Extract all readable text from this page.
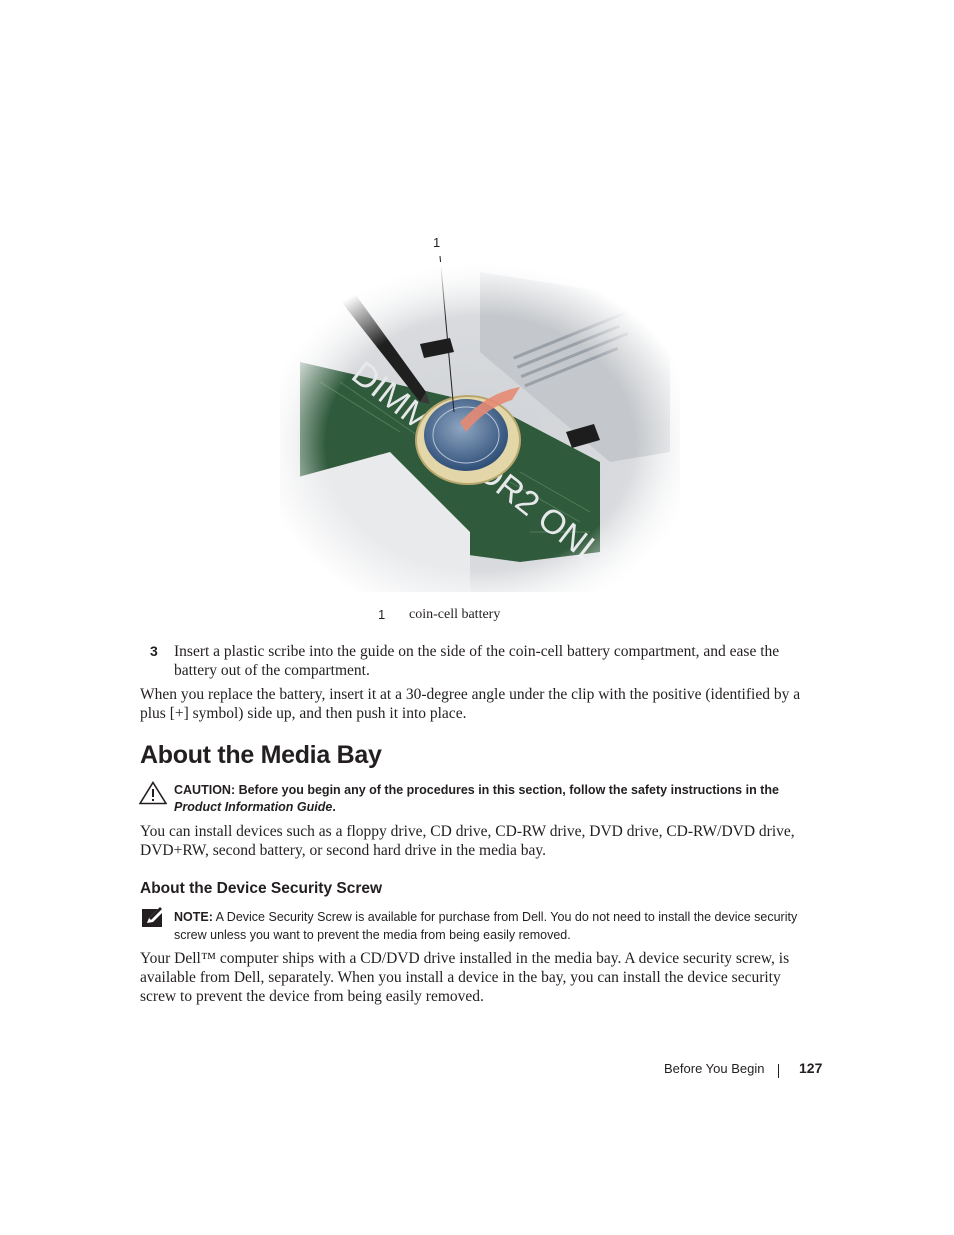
1
1 coin-cell battery
3 Insert a plastic scribe into the guide on the side of the coin-cell battery compartment, and ease the battery out of the compartment.
When you replace the battery, insert it at a 30-degree angle under the clip with the positive (identified by a plus [+] symbol) side up, and then push it into place.
About the Media Bay
CAUTION: Before you begin any of the procedures in this section, follow the safety instructions in the Product Information Guide.
You can install devices such as a floppy drive, CD drive, CD-RW drive, DVD drive, CD-RW/DVD drive, DVD+RW, second battery, or second hard drive in the media bay.
About the Device Security Screw
NOTE: A Device Security Screw is available for purchase from Dell. You do not need to install the device security screw unless you want to prevent the media from being easily removed.
Your Dell™ computer ships with a CD/DVD drive installed in the media bay. A device security screw, is available from Dell, separately. When you install a device in the bay, you can install the device security screw to prevent the device from being easily removed.
Before You Begin 127
